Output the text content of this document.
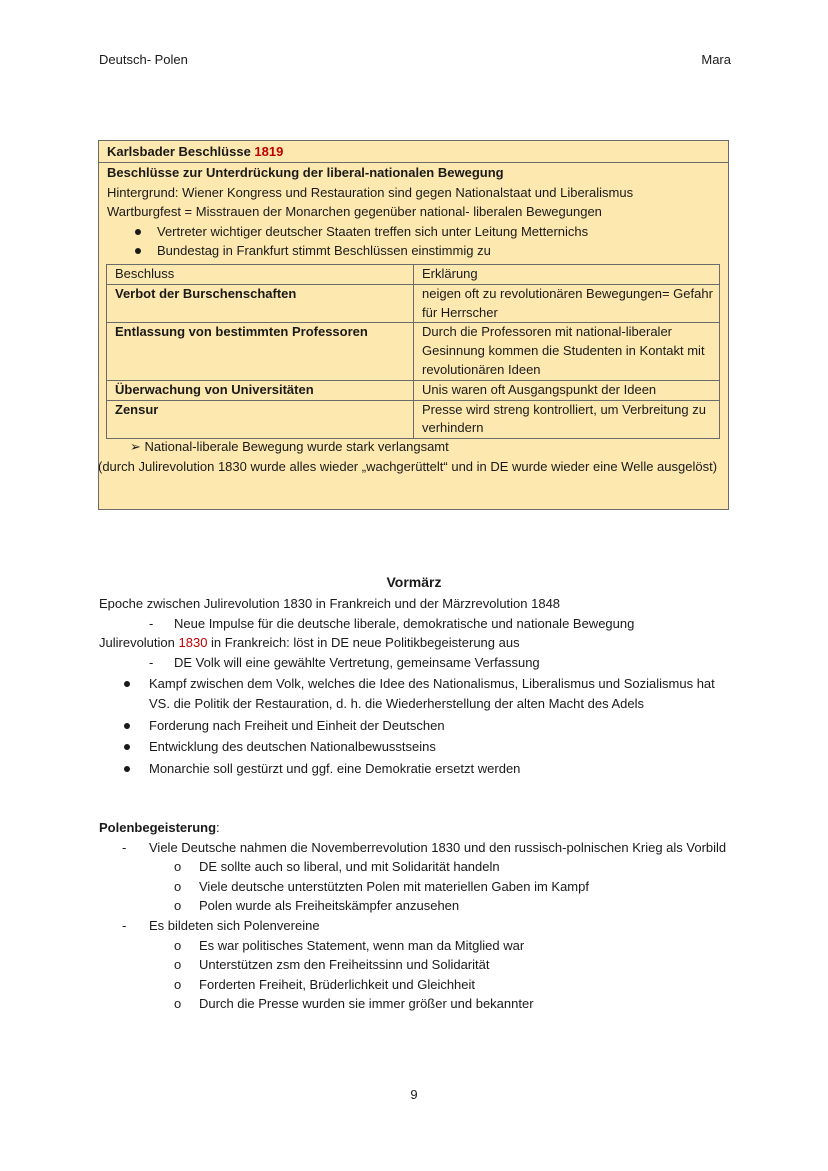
Deutsch- Polen	Mara
Karlsbader Beschlüsse 1819
Beschlüsse zur Unterdrückung der liberal-nationalen Bewegung
Hintergrund: Wiener Kongress und Restauration sind gegen Nationalstaat und Liberalismus
Wartburgfest = Misstrauen der Monarchen gegenüber national- liberalen Bewegungen
Vertreter wichtiger deutscher Staaten treffen sich unter Leitung Metternichs
Bundestag in Frankfurt stimmt Beschlüssen einstimmig zu
Beschluss	Erklärung
Verbot der Burschenschaften	neigen oft zu revolutionären Bewegungen= Gefahr für Herrscher
Entlassung von bestimmten Professoren	Durch die Professoren mit national-liberaler Gesinnung kommen die Studenten in Kontakt mit revolutionären Ideen
Überwachung von Universitäten	Unis waren oft Ausgangspunkt der Ideen
Zensur	Presse wird streng kontrolliert, um Verbreitung zu verhindern
➢ National-liberale Bewegung wurde stark verlangsamt
(durch Julirevolution 1830 wurde alles wieder „wachgerüttelt“ und in DE wurde wieder eine Welle ausgelöst)
Vormärz
Epoche zwischen Julirevolution 1830 in Frankreich und der Märzrevolution 1848
- Neue Impulse für die deutsche liberale, demokratische und nationale Bewegung
Julirevolution 1830 in Frankreich: löst in DE neue Politikbegeisterung aus
- DE Volk will eine gewählte Vertretung, gemeinsame Verfassung
Kampf zwischen dem Volk, welches die Idee des Nationalismus, Liberalismus und Sozialismus hat VS. die Politik der Restauration, d. h. die Wiederherstellung der alten Macht des Adels
Forderung nach Freiheit und Einheit der Deutschen
Entwicklung des deutschen Nationalbewusstseins
Monarchie soll gestürzt und ggf. eine Demokratie ersetzt werden
Polenbegeisterung:
- Viele Deutsche nahmen die Novemberrevolution 1830 und den russisch-polnischen Krieg als Vorbild
o DE sollte auch so liberal, und mit Solidarität handeln
o Viele deutsche unterstützten Polen mit materiellen Gaben im Kampf
o Polen wurde als Freiheitskämpfer anzusehen
- Es bildeten sich Polenvereine
o Es war politisches Statement, wenn man da Mitglied war
o Unterstützen zsm den Freiheitssinn und Solidarität
o Forderten Freiheit, Brüderlichkeit und Gleichheit
o Durch die Presse wurden sie immer größer und bekannter
9
